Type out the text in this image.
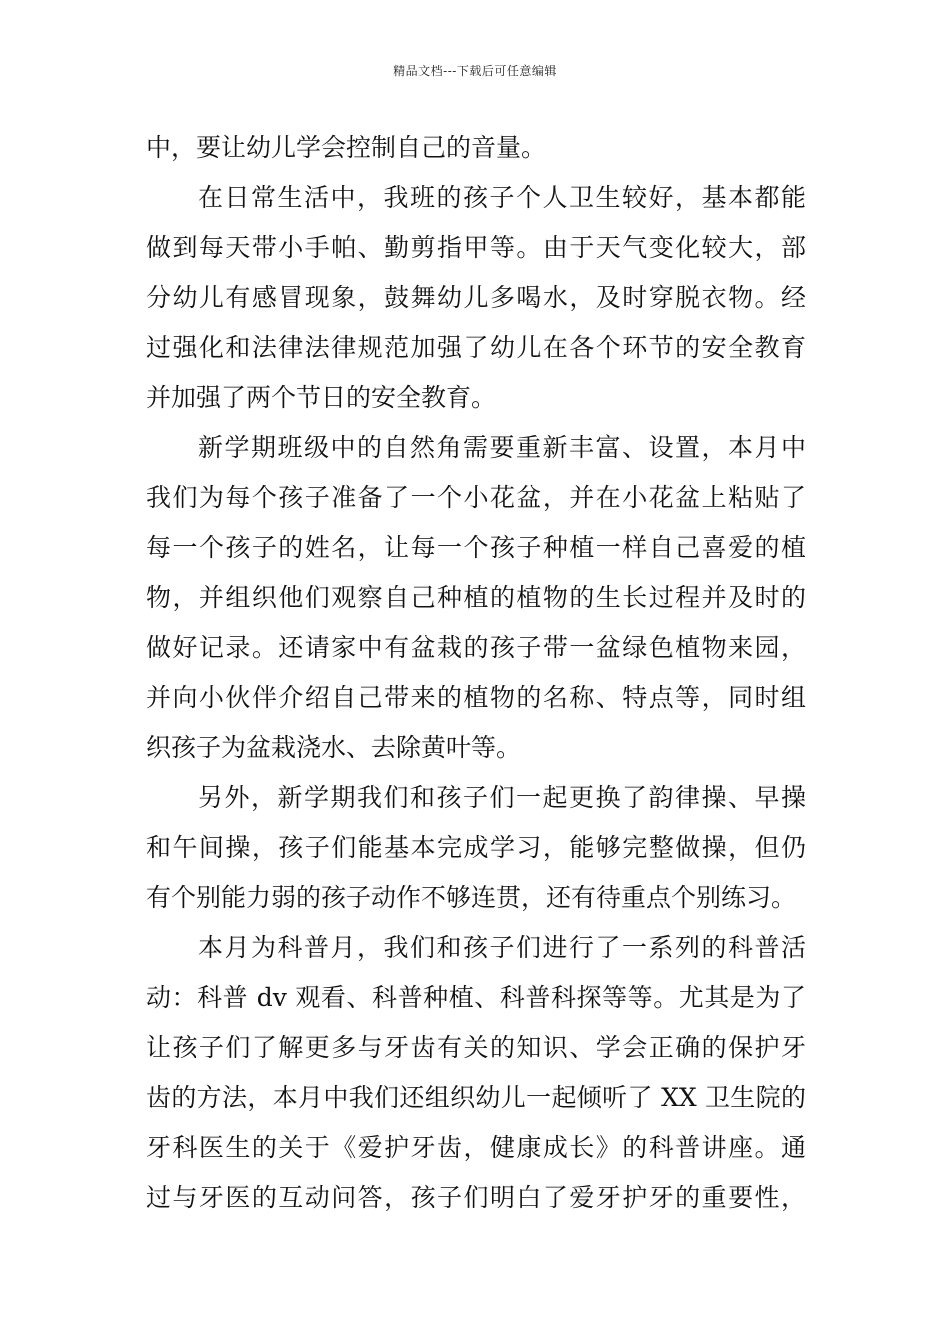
精品文档---下载后可任意编辑
中，要让幼儿学会控制自己的音量。
在日常生活中，我班的孩子个人卫生较好，基本都能
做到每天带小手帕、勤剪指甲等。由于天气变化较大，部
分幼儿有感冒现象，鼓舞幼儿多喝水，及时穿脱衣物。经
过强化和法律法律规范加强了幼儿在各个环节的安全教育
并加强了两个节日的安全教育。
新学期班级中的自然角需要重新丰富、设置，本月中
我们为每个孩子准备了一个小花盆，并在小花盆上粘贴了
每一个孩子的姓名，让每一个孩子种植一样自己喜爱的植
物，并组织他们观察自己种植的植物的生长过程并及时的
做好记录。还请家中有盆栽的孩子带一盆绿色植物来园，
并向小伙伴介绍自己带来的植物的名称、特点等，同时组
织孩子为盆栽浇水、去除黄叶等。
另外，新学期我们和孩子们一起更换了韵律操、早操
和午间操，孩子们能基本完成学习，能够完整做操，但仍
有个别能力弱的孩子动作不够连贯，还有待重点个别练习。
本月为科普月，我们和孩子们进行了一系列的科普活
动：科普 dv 观看、科普种植、科普科探等等。尤其是为了
让孩子们了解更多与牙齿有关的知识、学会正确的保护牙
齿的方法，本月中我们还组织幼儿一起倾听了 XX 卫生院的
牙科医生的关于《爱护牙齿，健康成长》的科普讲座。通
过与牙医的互动问答，孩子们明白了爱牙护牙的重要性，
